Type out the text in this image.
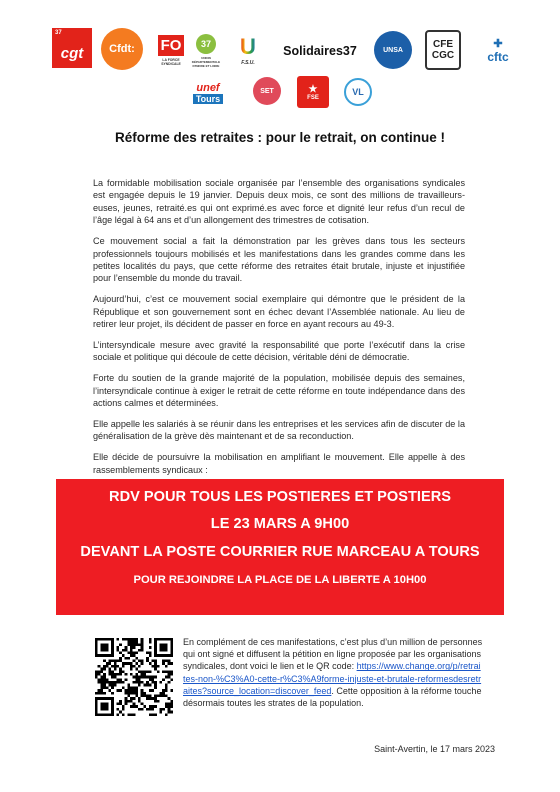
37
cgt Cfdt: FO
LA FORCE SYNDICALE
37
UNION DÉPARTEMENTALE D'INDRE ET LOIRE
U
F.S.U.
Solidaires 37	UNSA	CFE
CGC
✚
cftc
unef
Tours
SET	★
FSE
VL
Réforme des retraites : pour le retrait, on continue !

La formidable mobilisation sociale organisée par l’ensemble des organisations syndicales est engagée depuis le 19 janvier. Depuis deux mois, ce sont des millions de travailleurs-euses, jeunes, retraité.es qui ont exprimé.es avec force et dignité leur refus d’un recul de l’âge légal à 64 ans et d’un allongement des trimestres de cotisation.

Ce mouvement social a fait la démonstration par les grèves dans tous les secteurs professionnels toujours mobilisés et les manifestations dans les grandes comme dans les petites localités du pays, que cette réforme des retraites était brutale, injuste et injustifiée pour l’ensemble du monde du travail.

Aujourd’hui, c’est ce mouvement social exemplaire qui démontre que le président de la République et son gouvernement sont en échec devant l’Assemblée nationale. Au lieu de retirer leur projet, ils décident de passer en force en ayant recours au 49-3.

L’intersyndicale mesure avec gravité la responsabilité que porte l’exécutif dans la crise sociale et politique qui découle de cette décision, véritable déni de démocratie.

Forte du soutien de la grande majorité de la population, mobilisée depuis des semaines, l’intersyndicale continue à exiger le retrait de cette réforme en toute indépendance dans des actions calmes et déterminées.

Elle appelle les salariés à se réunir dans les entreprises et les services afin de discuter de la généralisation de la grève dès maintenant et de sa reconduction.

Elle décide de poursuivre la mobilisation en amplifiant le mouvement. Elle appelle à des rassemblements syndicaux :

RDV POUR TOUS LES POSTIERES ET POSTIERS
LE 23 MARS A 9H00
DEVANT LA POSTE COURRIER RUE MARCEAU A TOURS
POUR REJOINDRE LA PLACE DE LA LIBERTE A 10H00
En complément de ces manifestations, c’est plus d’un million de personnes qui ont signé et diffusent la pétition en ligne proposée par les organisations syndicales, dont voici le lien et le QR code: https://www.change.org/p/retraites-non-%C3%A0-cette-r%C3%A9forme-injuste-et-brutale-reformesdesretraites?source_location=discover_feed. Cette opposition à la réforme touche désormais toutes les strates de la population.
Saint-Avertin, le 17 mars 2023
